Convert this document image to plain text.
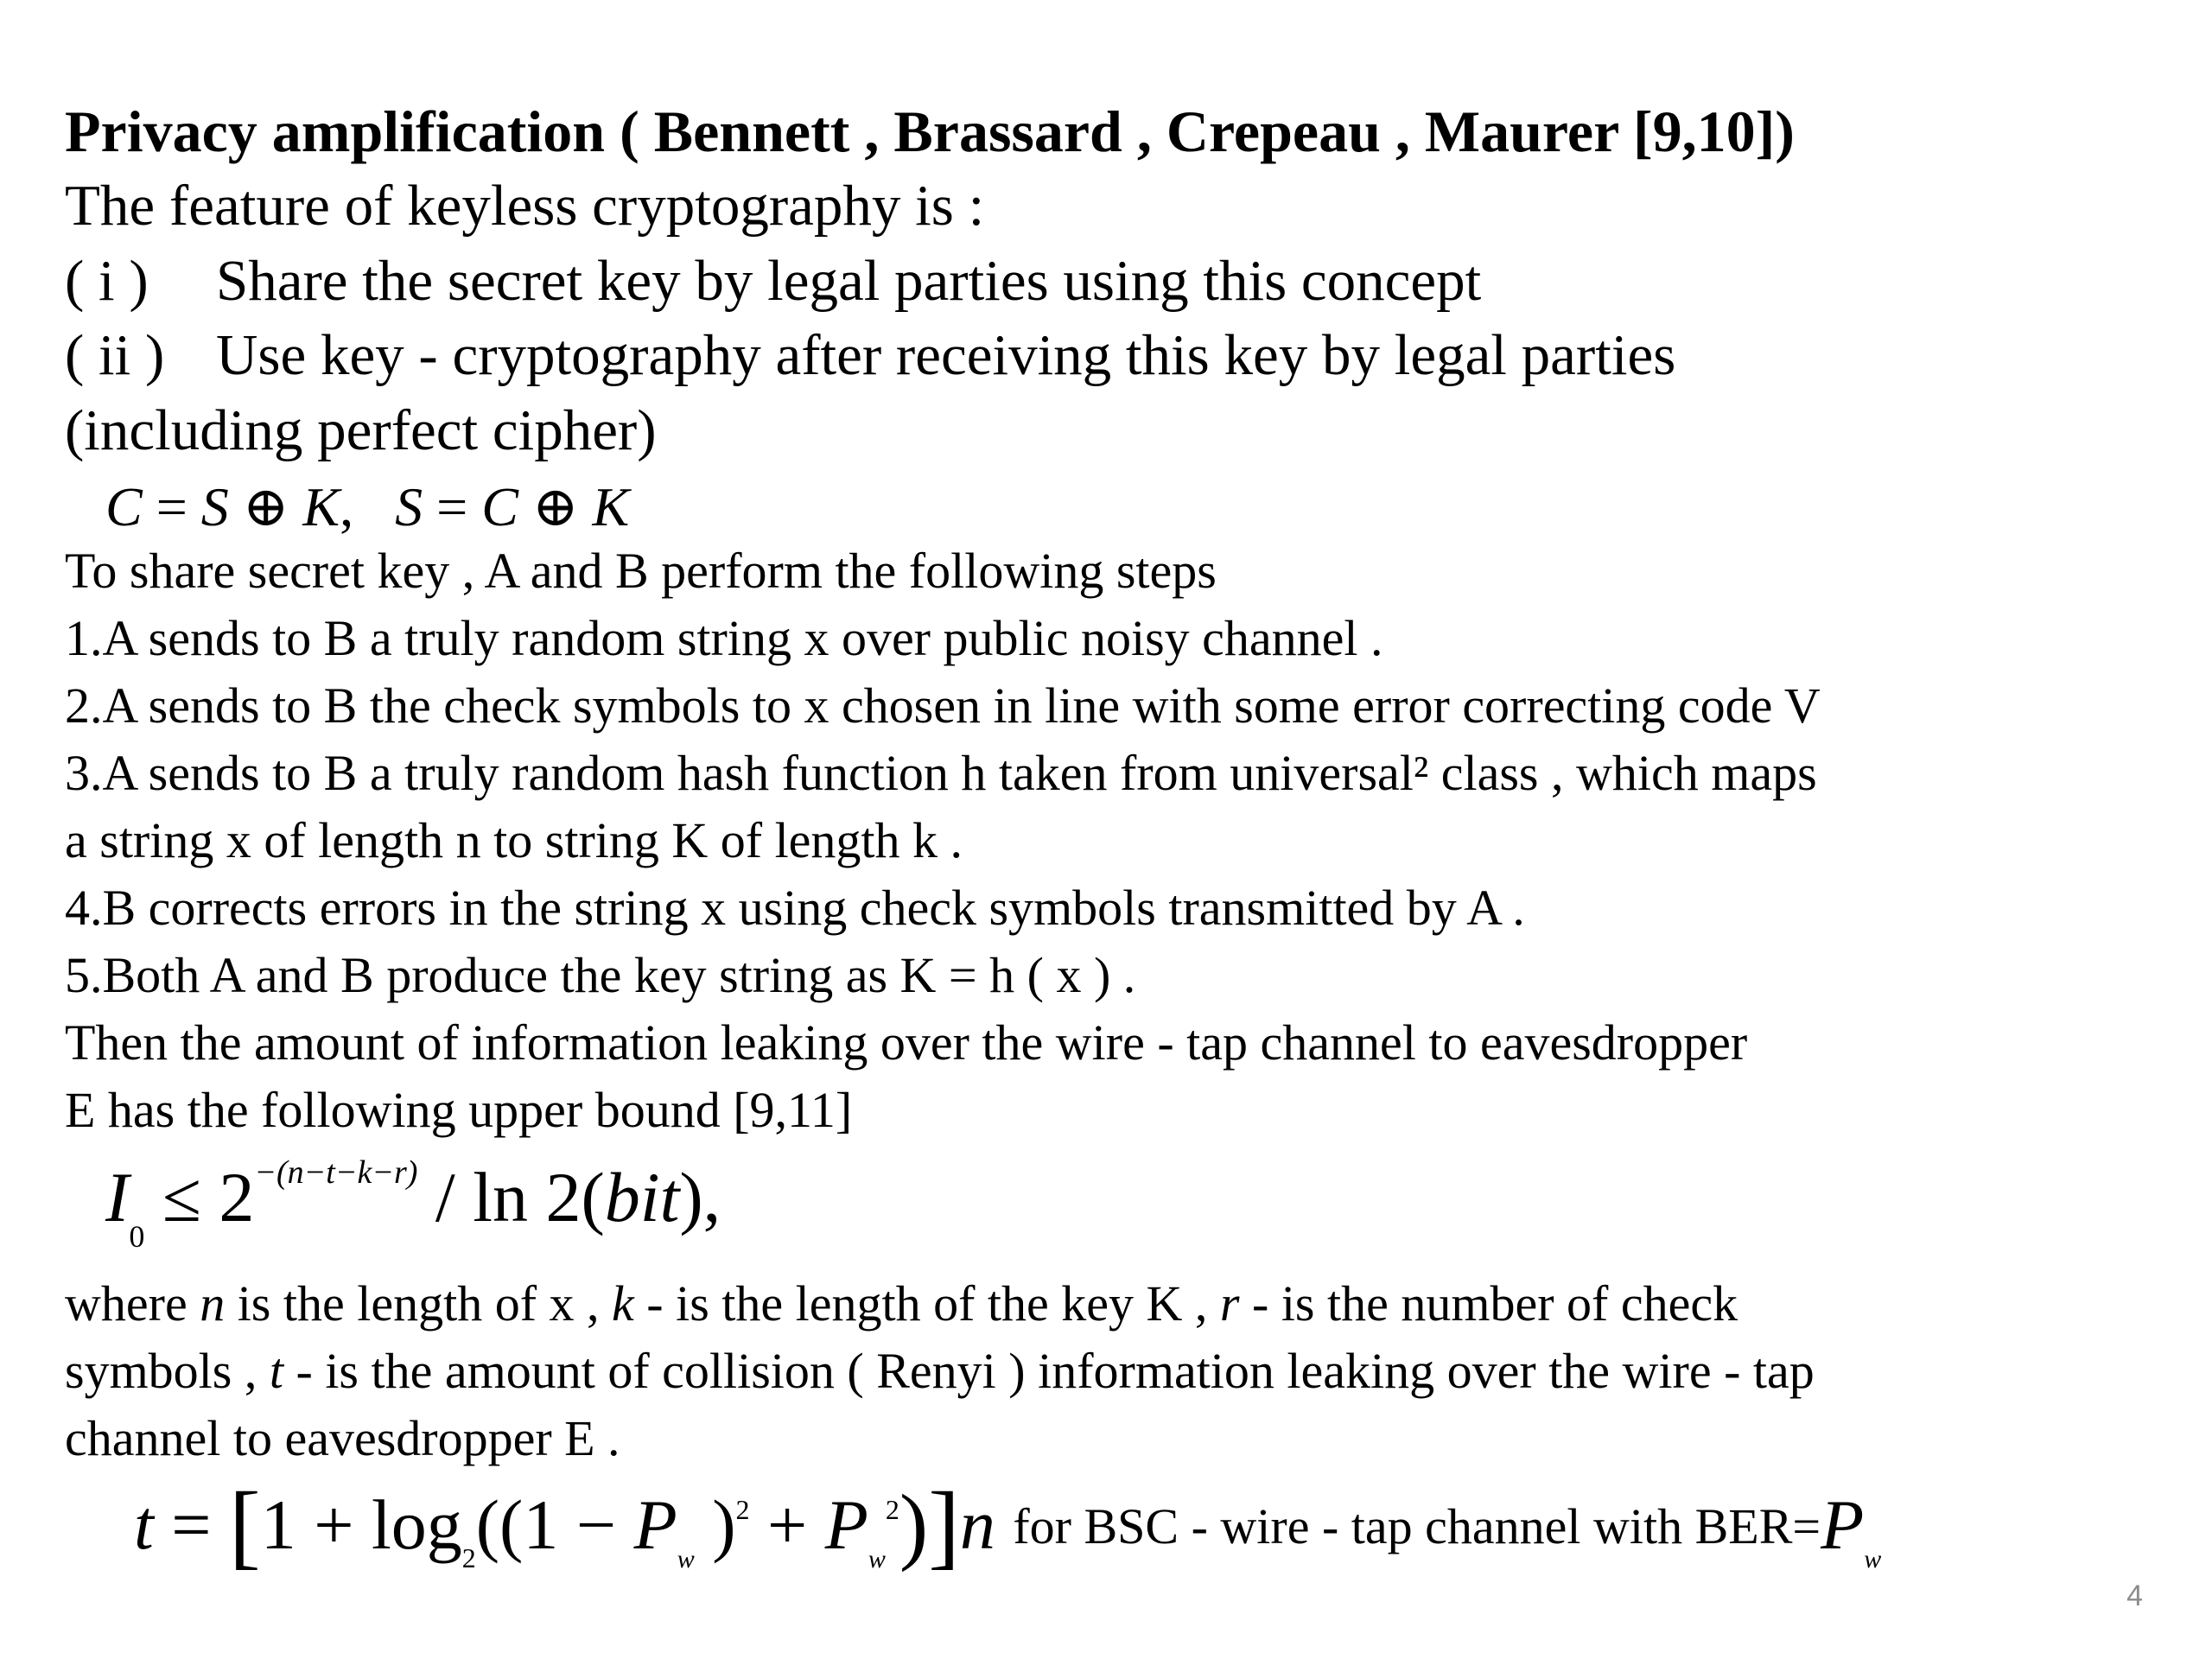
Privacy amplification ( Bennett , Brassard , Crepeau , Maurer [9,10])
The feature of keyless cryptography is :
( i ) Share the secret key by legal parties using this concept
( ii ) Use key - cryptography after receiving this key by legal parties
(including perfect cipher)
C = S ⊕ K, S = C ⊕ K
To share secret key , A and B perform the following steps
1.A sends to B a truly random string x over public noisy channel .
2.A sends to B the check symbols to x chosen in line with some error correcting code V
3.A sends to B a truly random hash function h taken from universal² class , which maps
a string x of length n to string K of length k .
4.B corrects errors in the string x using check symbols transmitted by A .
5.Both A and B produce the key string as K = h ( x ) .
Then the amount of information leaking over the wire - tap channel to eavesdropper
E has the following upper bound [9,11]
$I_0 \le 2^{-(n-t-k-r)} / \ln 2(bit)$,
where n is the length of x , k - is the length of the key K , r - is the number of check
symbols , t - is the amount of collision ( Renyi ) information leaking over the wire - tap
channel to eavesdropper E .
$t = [1 + \log_2((1 - P_w$ )$^2 + P_w^2)]n$ for BSC - wire - tap channel with $BER=P_w$
4
